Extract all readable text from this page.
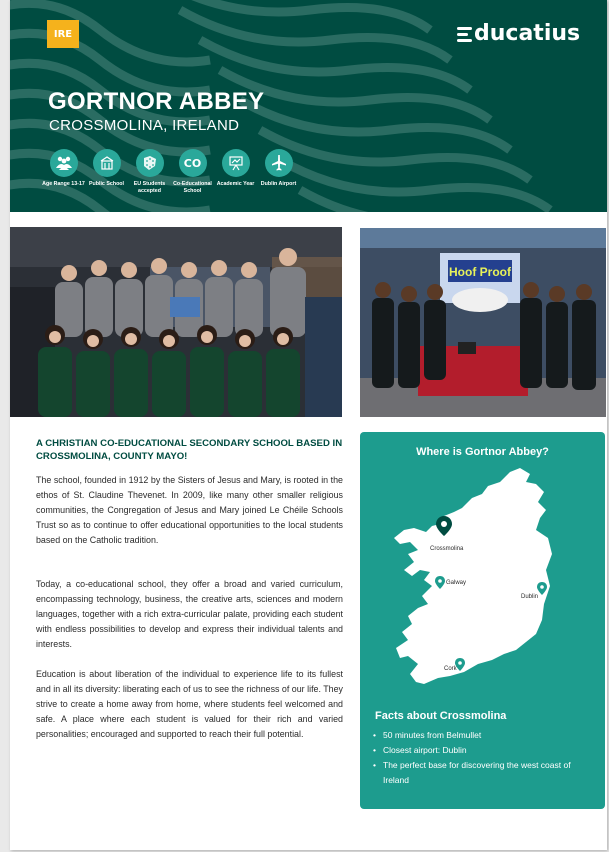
IRE	ducatius
GORTNOR ABBEY
CROSSMOLINA, IRELAND
Age Range 13-17 Public School	EU Students accepted
CO
Co-Educational School
Academic Year	Dublin Airport
Hoof Proof
A CHRISTIAN CO-EDUCATIONAL SECONDARY SCHOOL BASED IN CROSSMOLINA, COUNTY MAYO!

The school, founded in 1912 by the Sisters of Jesus and Mary, is rooted in the ethos of St. Claudine Thevenet. In 2009, like many other smaller religious communities, the Congregation of Jesus and Mary joined Le Chéile Schools Trust so as to continue to offer educational opportunities to the local students based on the Catholic tradition.

Today, a co-educational school, they offer a broad and varied curriculum, encompassing technology, business, the creative arts, sciences and modern languages, together with a rich extra-curricular palate, providing each student with endless possibilities to develop and express their individual talents and interests.

Education is about liberation of the individual to experience life to its fullest and in all its diversity: liberating each of us to see the richness of our life. They strive to create a home away from home, where students feel welcomed and safe. A place where each student is valued for their rich and varied personalities; encouraged and supported to reach their full potential.

Where is Gortnor Abbey?
Crossmolina
Galway
Dublin
Cork
Facts about Crossmolina
• 50 minutes from Belmullet
• Closest airport: Dublin
• The perfect base for discovering the west coast of Ireland
